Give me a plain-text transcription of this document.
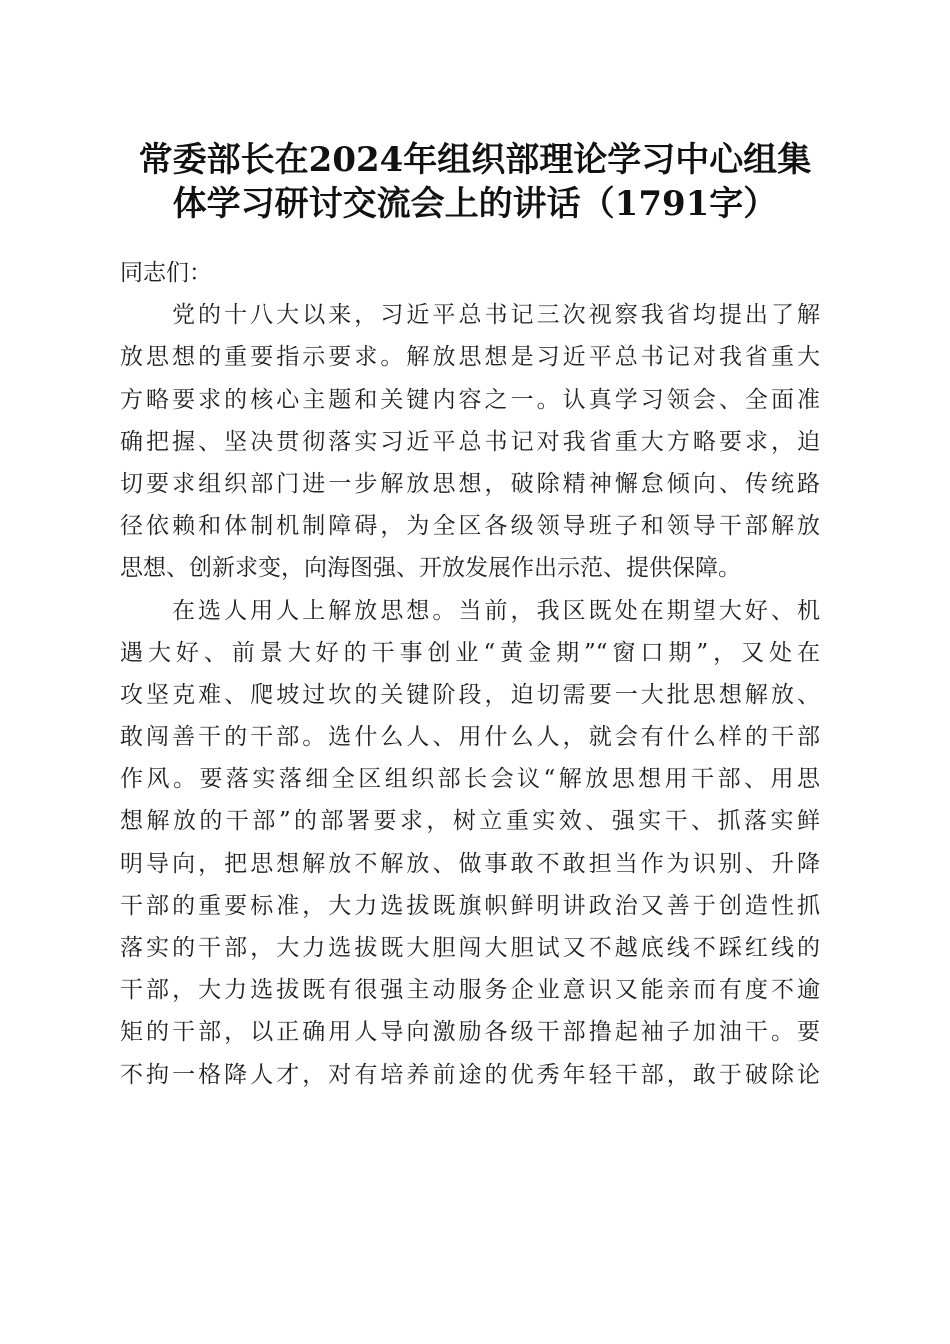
常委部长在2024年组织部理论学习中心组集
体学习研讨交流会上的讲话（1791字）

同志们：

党的十八大以来，习近平总书记三次视察我省均提出了解
放思想的重要指示要求。解放思想是习近平总书记对我省重大
方略要求的核心主题和关键内容之一。认真学习领会、全面准
确把握、坚决贯彻落实习近平总书记对我省重大方略要求，迫
切要求组织部门进一步解放思想，破除精神懈怠倾向、传统路
径依赖和体制机制障碍，为全区各级领导班子和领导干部解放
思想、创新求变，向海图强、开放发展作出示范、提供保障。

在选人用人上解放思想。当前，我区既处在期望大好、机
遇大好、前景大好的干事创业“黄金期”“窗口期”，又处在
攻坚克难、爬坡过坎的关键阶段，迫切需要一大批思想解放、
敢闯善干的干部。选什么人、用什么人，就会有什么样的干部
作风。要落实落细全区组织部长会议“解放思想用干部、用思
想解放的干部”的部署要求，树立重实效、强实干、抓落实鲜
明导向，把思想解放不解放、做事敢不敢担当作为识别、升降
干部的重要标准，大力选拔既旗帜鲜明讲政治又善于创造性抓
落实的干部，大力选拔既大胆闯大胆试又不越底线不踩红线的
干部，大力选拔既有很强主动服务企业意识又能亲而有度不逾
矩的干部，以正确用人导向激励各级干部撸起袖子加油干。要
不拘一格降人才，对有培养前途的优秀年轻干部，敢于破除论
